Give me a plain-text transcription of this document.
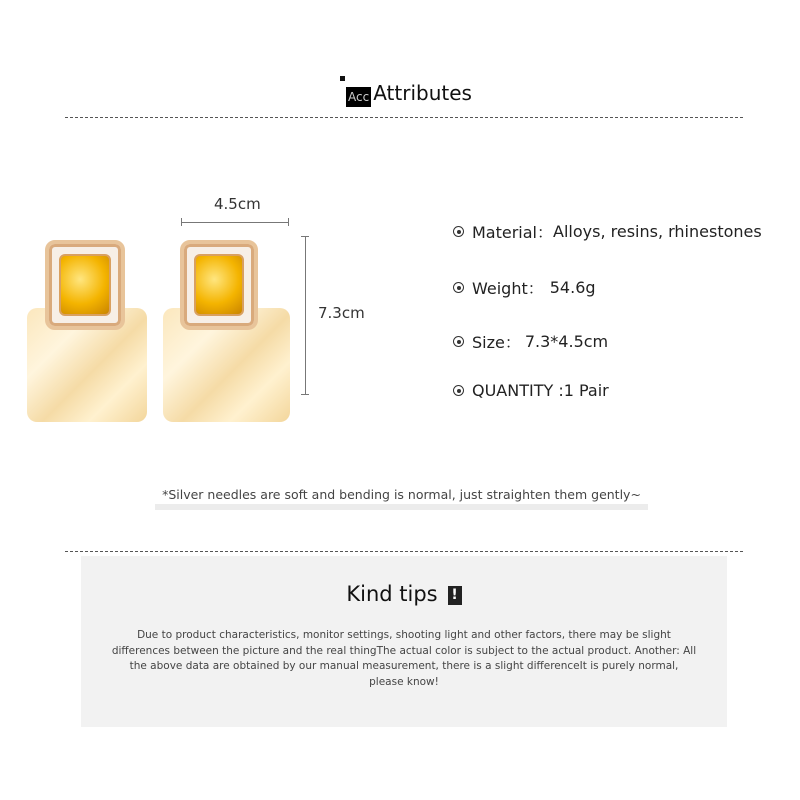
Acc Attributes
4.5cm
7.3cm
Material： Alloys, resins, rhinestones
Weight： 54.6g
Size： 7.3*4.5cm
QUANTITY : 1 Pair
*Silver needles are soft and bending is normal, just straighten them gently~
Kind tips !

Due to product characteristics, monitor settings, shooting light and other factors, there may be slight differences between the picture and the real thingThe actual color is subject to the actual product. Another: All the above data are obtained by our manual measurement, there is a slight differenceIt is purely normal, please know!
